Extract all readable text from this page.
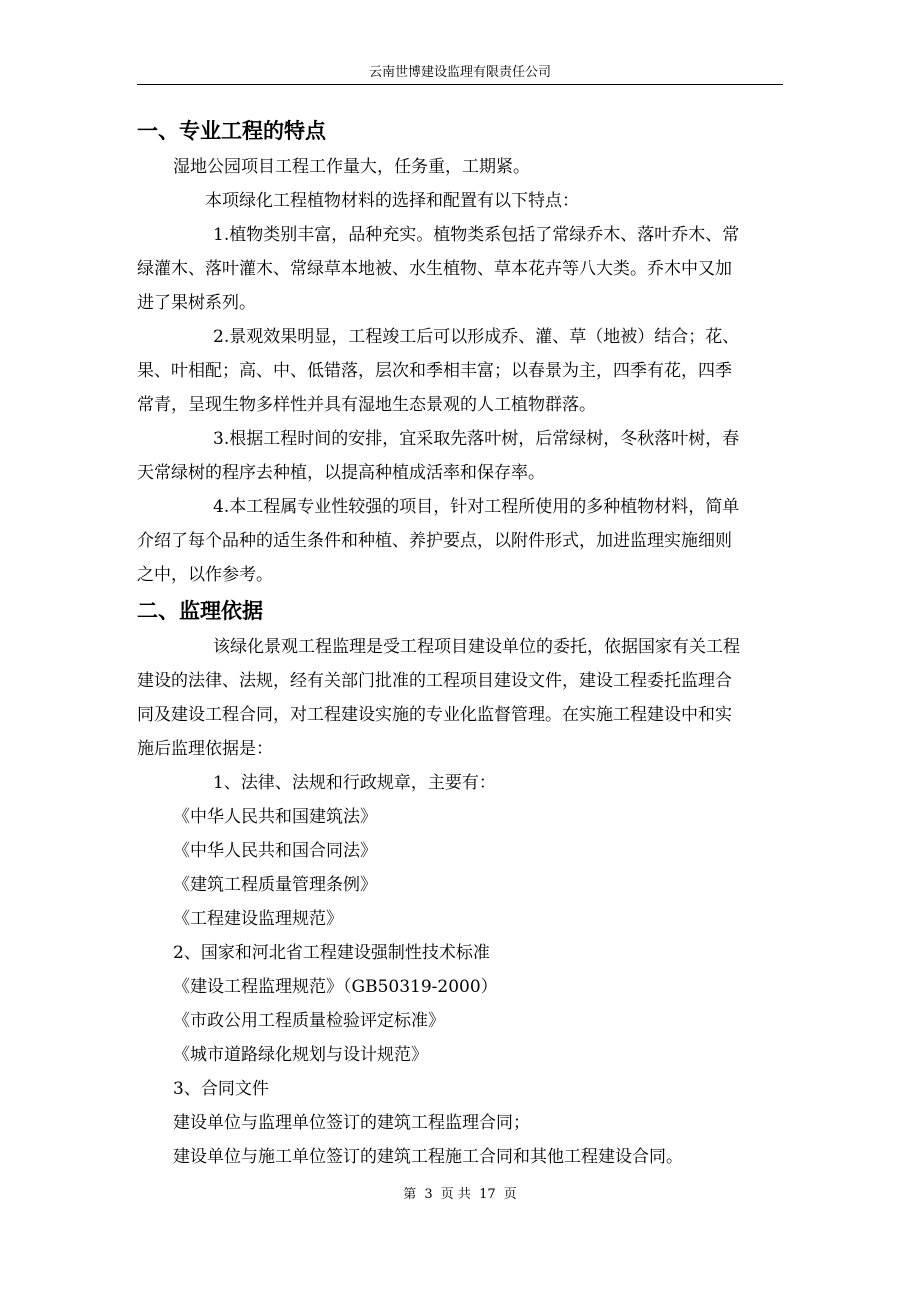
云南世博建设监理有限责任公司
一、专业工程的特点
湿地公园项目工程工作量大，任务重，工期紧。
本项绿化工程植物材料的选择和配置有以下特点：
1.植物类别丰富，品种充实。植物类系包括了常绿乔木、落叶乔木、常
绿灌木、落叶灌木、常绿草本地被、水生植物、草本花卉等八大类。乔木中又加
进了果树系列。
2.景观效果明显，工程竣工后可以形成乔、灌、草（地被）结合；花、
果、叶相配；高、中、低错落，层次和季相丰富；以春景为主，四季有花，四季
常青，呈现生物多样性并具有湿地生态景观的人工植物群落。
3.根据工程时间的安排，宜采取先落叶树，后常绿树，冬秋落叶树，春
天常绿树的程序去种植，以提高种植成活率和保存率。
4.本工程属专业性较强的项目，针对工程所使用的多种植物材料，简单
介绍了每个品种的适生条件和种植、养护要点，以附件形式，加进监理实施细则
之中，以作参考。
二、监理依据
该绿化景观工程监理是受工程项目建设单位的委托，依据国家有关工程
建设的法律、法规，经有关部门批准的工程项目建设文件，建设工程委托监理合
同及建设工程合同，对工程建设实施的专业化监督管理。在实施工程建设中和实
施后监理依据是：
1、法律、法规和行政规章，主要有：
《中华人民共和国建筑法》
《中华人民共和国合同法》
《建筑工程质量管理条例》
《工程建设监理规范》
2、国家和河北省工程建设强制性技术标准
《建设工程监理规范》（GB50319-2000）
《市政公用工程质量检验评定标准》
《城市道路绿化规划与设计规范》
3、合同文件
建设单位与监理单位签订的建筑工程监理合同；
建设单位与施工单位签订的建筑工程施工合同和其他工程建设合同。
第 3 页 共 17 页
